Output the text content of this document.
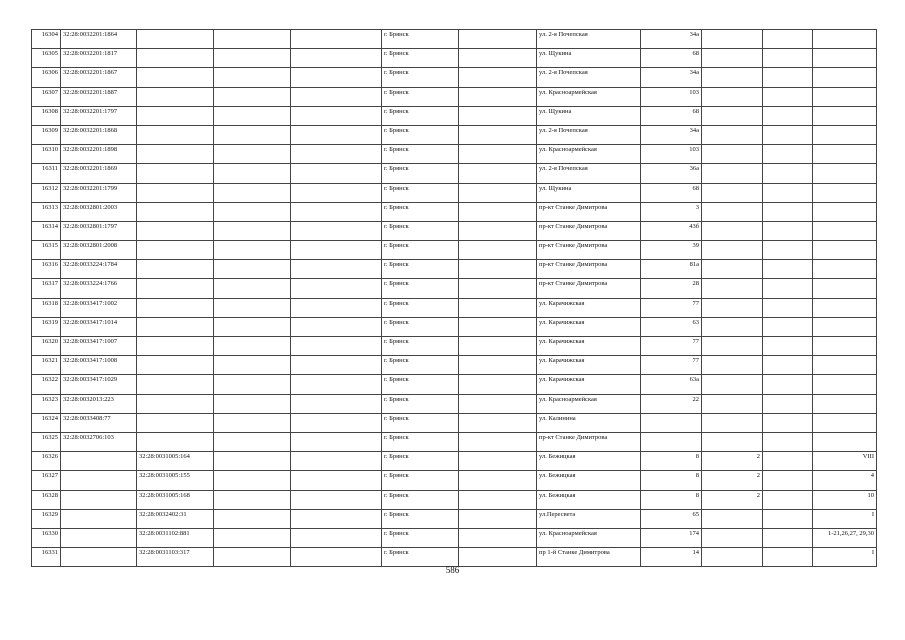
16304	32:28:0032201:1864				г. Брянск		ул. 2-я Почепская	34а			
16305	32:28:0032201:1817				г. Брянск		ул. Щукина	68			
16306	32:28:0032201:1867				г. Брянск		ул. 2-я Почепская	34а			
16307	32:28:0032201:1887				г. Брянск		ул. Красноармейская	103			
16308	32:28:0032201:1797				г. Брянск		ул. Щукина	68			
16309	32:28:0032201:1868				г. Брянск		ул. 2-я Почепская	34а			
16310	32:28:0032201:1898				г. Брянск		ул. Красноармейская	103			
16311	32:28:0032201:1869				г. Брянск		ул. 2-я Почепская	36а			
16312	32:28:0032201:1799				г. Брянск		ул. Щукина	68			
16313	32:28:0032801:2003				г. Брянск		пр-кт Станке Димитрова	3			
16314	32:28:0032801:1797				г. Брянск		пр-кт Станке Димитрова	43б			
16315	32:28:0032801:2008				г. Брянск		пр-кт Станке Димитрова	39			
16316	32:28:0033224:1784				г. Брянск		пр-кт Станке Димитрова	81а			
16317	32:28:0033224:1766				г. Брянск		пр-кт Станке Димитрова	28			
16318	32:28:0033417:1002				г. Брянск		ул. Карачижская	77			
16319	32:28:0033417:1014				г. Брянск		ул. Карачижская	63			
16320	32:28:0033417:1007				г. Брянск		ул. Карачижская	77			
16321	32:28:0033417:1008				г. Брянск		ул. Карачижская	77			
16322	32:28:0033417:1029				г. Брянск		ул. Карачижская	63а			
16323	32:28:0032013:223				г. Брянск		ул. Красноармейская	22			
16324	32:28:0033408:77				г. Брянск		ул. Калинина				
16325	32:28:0032706:103				г. Брянск		пр-кт Станке Димитрова				
16326		32:28:0031005:164			г. Брянск		ул. Бежицкая	8	2		VIII
16327		32:28:0031005:155			г. Брянск		ул. Бежицкая	8	2		4
16328		32:28:0031005:168			г. Брянск		ул. Бежицкая	8	2		10
16329		32:28:0032402:31			г. Брянск		ул.Пересвета	65			I
16330		32:28:0031102:881			г. Брянск		ул. Красноармейская	174			1-21,26,27, 29,30
16331		32:28:0031103:317			г. Брянск		пр 1-й Станке Димитрова	14			I
586
